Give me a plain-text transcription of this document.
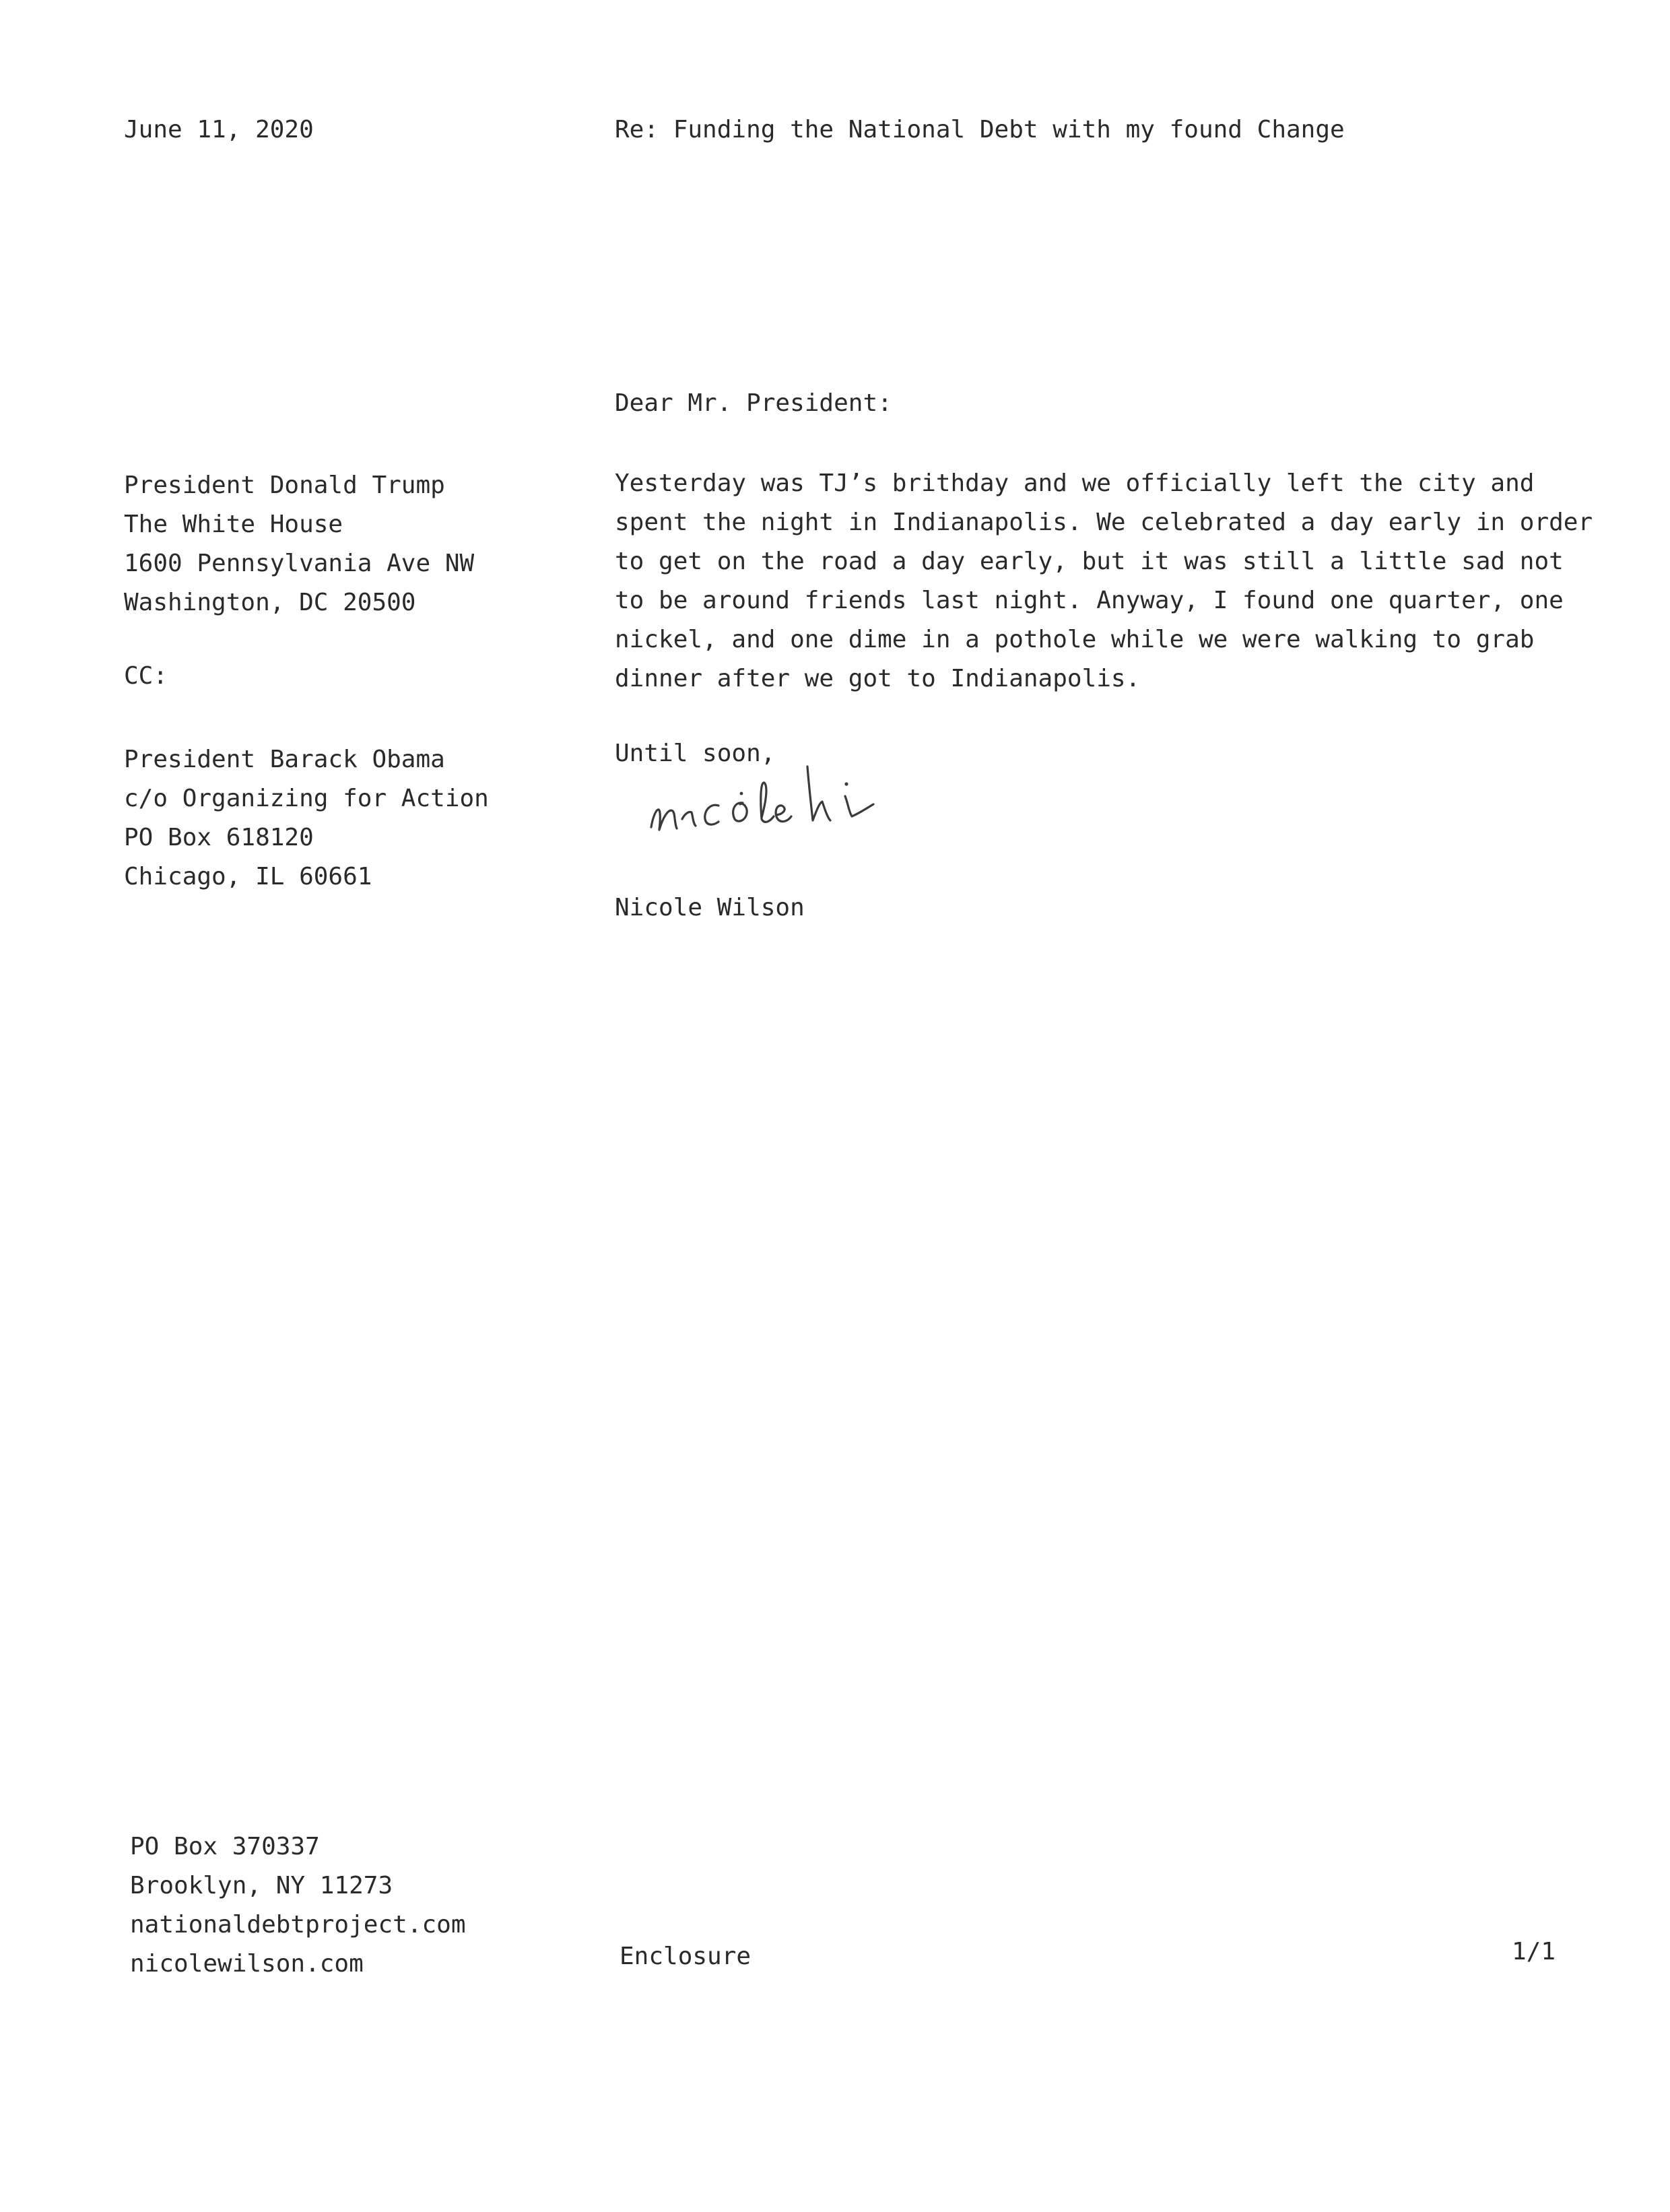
June 11, 2020	Re: Funding the National Debt with my found Change
President Donald Trump
The White House
1600 Pennsylvania Ave NW
Washington, DC 20500
CC:
President Barack Obama
c/o Organizing for Action
PO Box 618120
Chicago, IL 60661
Dear Mr. President:
Yesterday was TJ’s brithday and we officially left the city and
spent the night in Indianapolis. We celebrated a day early in order
to get on the road a day early, but it was still a little sad not
to be around friends last night. Anyway, I found one quarter, one
nickel, and one dime in a pothole while we were walking to grab
dinner after we got to Indianapolis.
Until soon,
Nicole Wilson
PO Box 370337
Brooklyn, NY 11273
nationaldebtproject.com
nicolewilson.com	Enclosure	1/1
